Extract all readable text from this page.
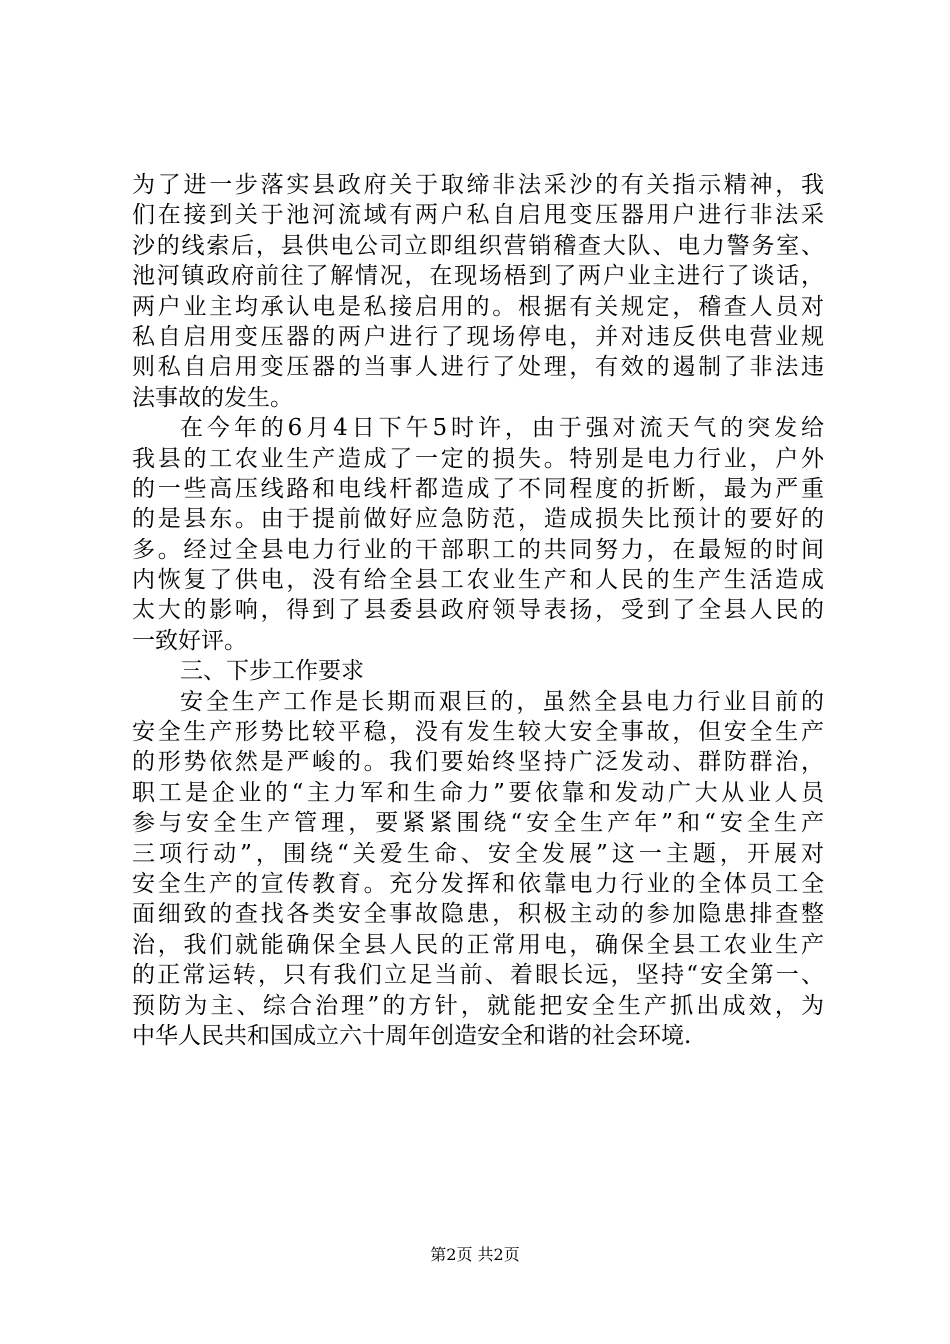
为了进一步落实县政府关于取缔非法采沙的有关指示精神，我
们在接到关于池河流域有两户私自启甩变压器用户进行非法采
沙的线索后，县供电公司立即组织营销稽查大队、电力警务室、
池河镇政府前往了解情况，在现场梧到了两户业主进行了谈话，
两户业主均承认电是私接启用的。根据有关规定，稽查人员对
私自启用变压器的两户进行了现场停电，并对违反供电营业规
则私自启用变压器的当事人进行了处理，有效的遏制了非法违
法事故的发生。
在今年的6月4日下午5时许，由于强对流天气的突发给
我县的工农业生产造成了一定的损失。特别是电力行业，户外
的一些高压线路和电线杆都造成了不同程度的折断，最为严重
的是县东。由于提前做好应急防范，造成损失比预计的要好的
多。经过全县电力行业的干部职工的共同努力，在最短的时间
内恢复了供电，没有给全县工农业生产和人民的生产生活造成
太大的影响，得到了县委县政府领导表扬，受到了全县人民的
一致好评。
三、下步工作要求
安全生产工作是长期而艰巨的，虽然全县电力行业目前的
安全生产形势比较平稳，没有发生较大安全事故，但安全生产
的形势依然是严峻的。我们要始终坚持广泛发动、群防群治，
职工是企业的“主力军和生命力”要依靠和发动广大从业人员
参与安全生产管理，要紧紧围绕“安全生产年”和“安全生产
三项行动”，围绕“关爱生命、安全发展”这一主题，开展对
安全生产的宣传教育。充分发挥和依靠电力行业的全体员工全
面细致的查找各类安全事故隐患，积极主动的参加隐患排查整
治，我们就能确保全县人民的正常用电，确保全县工农业生产
的正常运转，只有我们立足当前、着眼长远，坚持“安全第一、
预防为主、综合治理”的方针，就能把安全生产抓出成效，为
中华人民共和国成立六十周年创造安全和谐的社会环境.
第2页 共2页
